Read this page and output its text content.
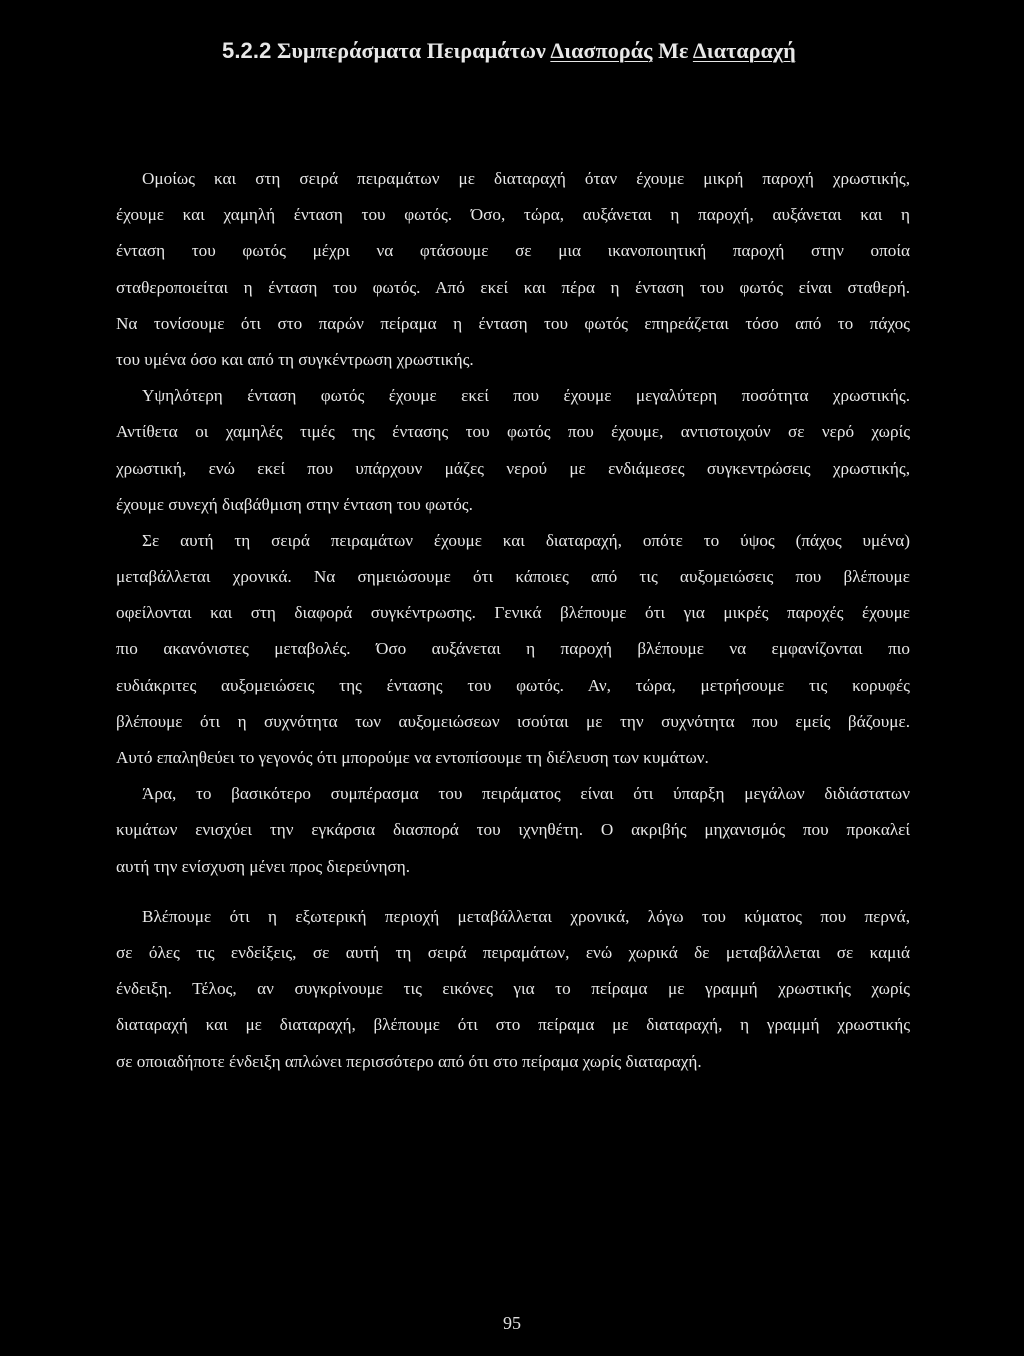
5.2.2 Συμπεράσματα Πειραμάτων Διασποράς Με Διαταραχή
Ομοίως και στη σειρά πειραμάτων με διαταραχή όταν έχουμε μικρή παροχή χρωστικής,
έχουμε και χαμηλή ένταση του φωτός. Όσο, τώρα, αυξάνεται η παροχή, αυξάνεται και η
ένταση του φωτός μέχρι να φτάσουμε σε μια ικανοποιητική παροχή στην οποία
σταθεροποιείται η ένταση του φωτός. Από εκεί και πέρα η ένταση του φωτός είναι σταθερή.
Να τονίσουμε ότι στο παρών πείραμα η ένταση του φωτός επηρεάζεται τόσο από το πάχος
του υμένα όσο και από τη συγκέντρωση χρωστικής.
Υψηλότερη ένταση φωτός έχουμε εκεί που έχουμε μεγαλύτερη ποσότητα χρωστικής.
Αντίθετα οι χαμηλές τιμές της έντασης του φωτός που έχουμε, αντιστοιχούν σε νερό χωρίς
χρωστική, ενώ εκεί που υπάρχουν μάζες νερού με ενδιάμεσες συγκεντρώσεις χρωστικής,
έχουμε συνεχή διαβάθμιση στην ένταση του φωτός.
Σε αυτή τη σειρά πειραμάτων έχουμε και διαταραχή, οπότε το ύψος (πάχος υμένα)
μεταβάλλεται χρονικά. Να σημειώσουμε ότι κάποιες από τις αυξομειώσεις που βλέπουμε
οφείλονται και στη διαφορά συγκέντρωσης. Γενικά βλέπουμε ότι για μικρές παροχές έχουμε
πιο ακανόνιστες μεταβολές. Όσο αυξάνεται η παροχή βλέπουμε να εμφανίζονται πιο
ευδιάκριτες αυξομειώσεις της έντασης του φωτός. Αν, τώρα, μετρήσουμε τις κορυφές
βλέπουμε ότι η συχνότητα των αυξομειώσεων ισούται με την συχνότητα που εμείς βάζουμε.
Αυτό επαληθεύει το γεγονός ότι μπορούμε να εντοπίσουμε τη διέλευση των κυμάτων.
Άρα, το βασικότερο συμπέρασμα του πειράματος είναι ότι ύπαρξη μεγάλων διδιάστατων
κυμάτων ενισχύει την εγκάρσια διασπορά του ιχνηθέτη. Ο ακριβής μηχανισμός που προκαλεί
αυτή την ενίσχυση μένει προς διερεύνηση.
Βλέπουμε ότι η εξωτερική περιοχή μεταβάλλεται χρονικά, λόγω του κύματος που περνά,
σε όλες τις ενδείξεις, σε αυτή τη σειρά πειραμάτων, ενώ χωρικά δε μεταβάλλεται σε καμιά
ένδειξη. Τέλος, αν συγκρίνουμε τις εικόνες για το πείραμα με γραμμή χρωστικής χωρίς
διαταραχή και με διαταραχή, βλέπουμε ότι στο πείραμα με διαταραχή, η γραμμή χρωστικής
σε οποιαδήποτε ένδειξη απλώνει περισσότερο από ότι στο πείραμα χωρίς διαταραχή.
95
